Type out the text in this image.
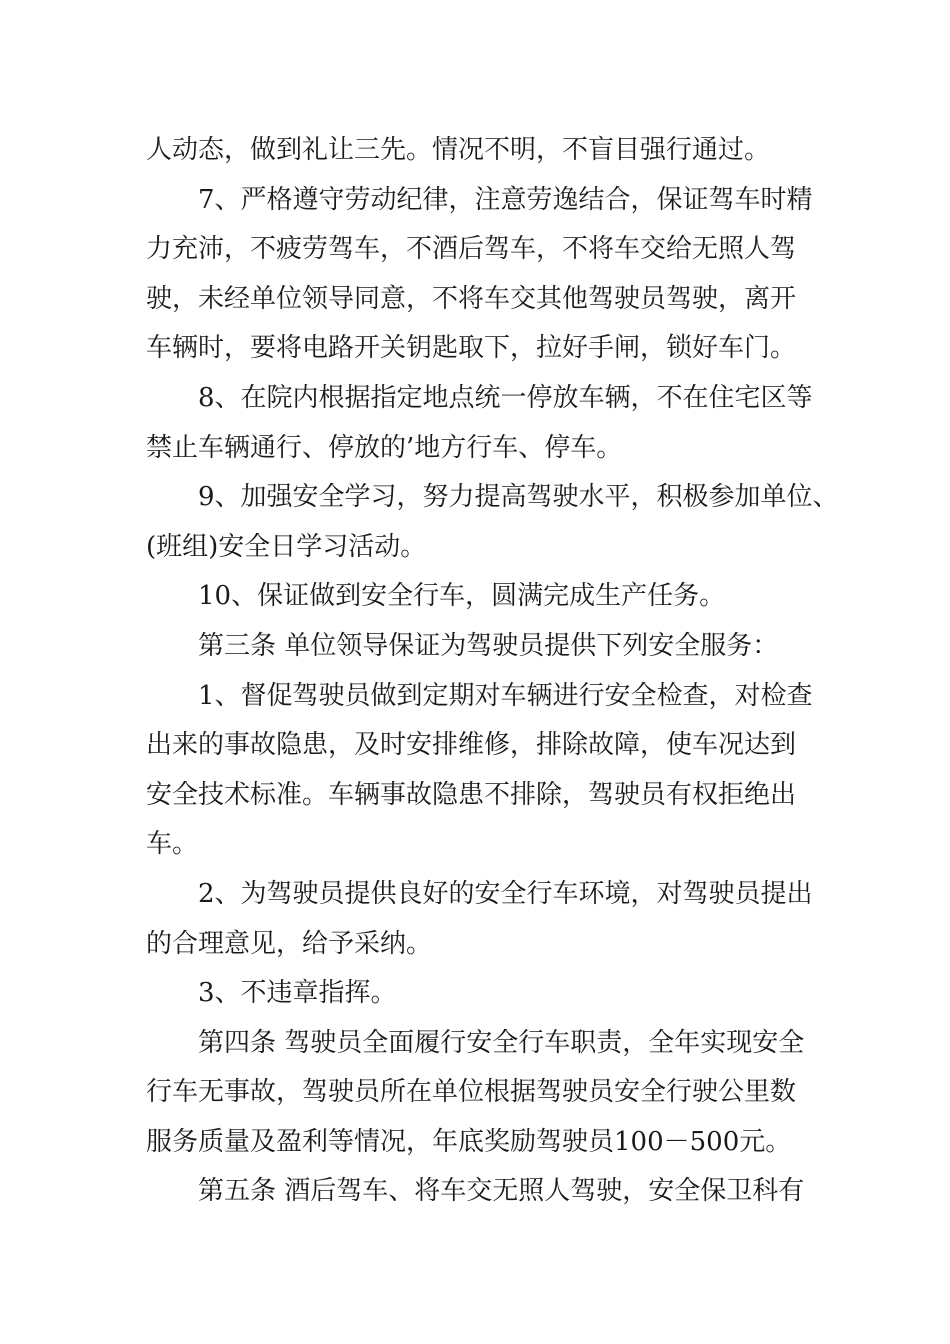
人动态，做到礼让三先。情况不明，不盲目强行通过。
7、严格遵守劳动纪律，注意劳逸结合，保证驾车时精
力充沛，不疲劳驾车，不酒后驾车，不将车交给无照人驾
驶，未经单位领导同意，不将车交其他驾驶员驾驶，离开
车辆时，要将电路开关钥匙取下，拉好手闸，锁好车门。
8、在院内根据指定地点统一停放车辆，不在住宅区等
禁止车辆通行、停放的’地方行车、停车。
9、加强安全学习，努力提高驾驶水平，积极参加单位、
(班组)安全日学习活动。
10、保证做到安全行车，圆满完成生产任务。
第三条 单位领导保证为驾驶员提供下列安全服务：
1、督促驾驶员做到定期对车辆进行安全检查，对检查
出来的事故隐患，及时安排维修，排除故障，使车况达到
安全技术标准。车辆事故隐患不排除，驾驶员有权拒绝出
车。
2、为驾驶员提供良好的安全行车环境，对驾驶员提出
的合理意见，给予采纳。
3、不违章指挥。
第四条 驾驶员全面履行安全行车职责，全年实现安全
行车无事故，驾驶员所在单位根据驾驶员安全行驶公里数
服务质量及盈利等情况，年底奖励驾驶员100－500元。
第五条 酒后驾车、将车交无照人驾驶，安全保卫科有
